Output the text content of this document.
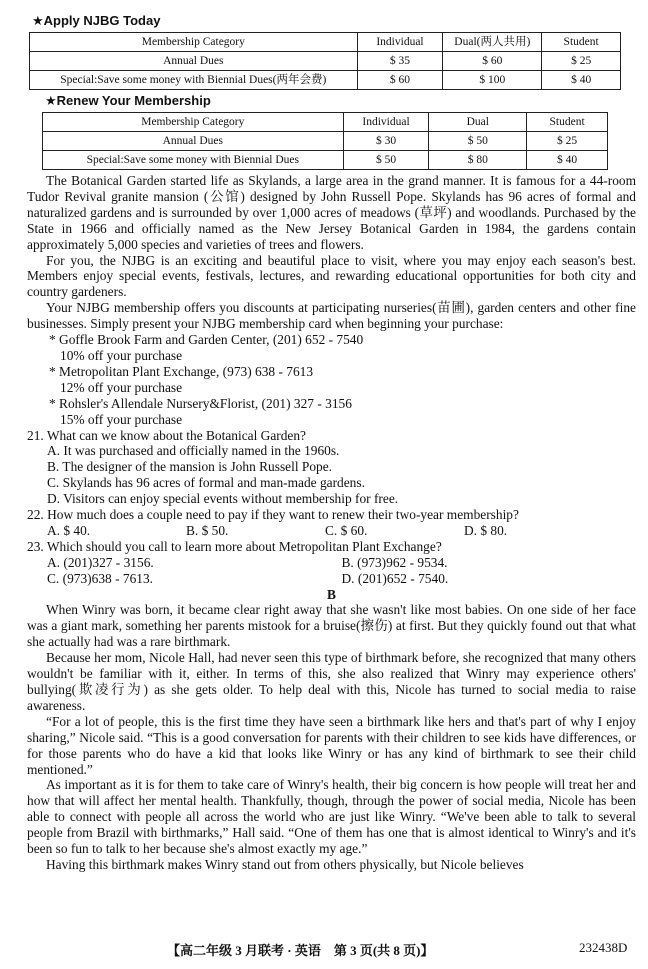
★Apply NJBG Today
Membership Category	Individual	Dual(两人共用)	Student
Annual Dues	$ 35	$ 60	$ 25
Special:Save some money with Biennial Dues(两年会费)	$ 60	$ 100	$ 40
★Renew Your Membership
Membership Category	Individual	Dual	Student
Annual Dues	$ 30	$ 50	$ 25
Special:Save some money with Biennial Dues	$ 50	$ 80	$ 40

The Botanical Garden started life as Skylands, a large area in the grand manner. It is famous for a 44-room Tudor Revival granite mansion (公馆) designed by John Russell Pope. Skylands has 96 acres of formal and naturalized gardens and is surrounded by over 1,000 acres of meadows (草坪) and woodlands. Purchased by the State in 1966 and officially named as the New Jersey Botanical Garden in 1984, the gardens contain approximately 5,000 species and varieties of trees and flowers.

For you, the NJBG is an exciting and beautiful place to visit, where you may enjoy each season's best. Members enjoy special events, festivals, lectures, and rewarding educational opportunities for both city and country gardeners.

Your NJBG membership offers you discounts at participating nurseries(苗圃), garden centers and other fine businesses. Simply present your NJBG membership card when beginning your purchase:

* Goffle Brook Farm and Garden Center, (201) 652 - 7540

10% off your purchase

* Metropolitan Plant Exchange, (973) 638 - 7613

12% off your purchase

* Rohsler's Allendale Nursery&Florist, (201) 327 - 3156

15% off your purchase

21. What can we know about the Botanical Garden?

A. It was purchased and officially named in the 1960s.

B. The designer of the mansion is John Russell Pope.

C. Skylands has 96 acres of formal and man-made gardens.

D. Visitors can enjoy special events without membership for free.

22. How much does a couple need to pay if they want to renew their two-year membership?

A. $ 40.	B. $ 50.	C. $ 60.	D. $ 80.

23. Which should you call to learn more about Metropolitan Plant Exchange?

A. (201)327 - 3156.	B. (973)962 - 9534.
C. (973)638 - 7613.	D. (201)652 - 7540.

B

When Winry was born, it became clear right away that she wasn't like most babies. On one side of her face was a giant mark, something her parents mistook for a bruise(擦伤) at first. But they quickly found out that what she actually had was a rare birthmark.

Because her mom, Nicole Hall, had never seen this type of birthmark before, she recognized that many others wouldn't be familiar with it, either. In terms of this, she also realized that Winry may experience others' bullying(欺凌行为) as she gets older. To help deal with this, Nicole has turned to social media to raise awareness.

“For a lot of people, this is the first time they have seen a birthmark like hers and that's part of why I enjoy sharing,” Nicole said. “This is a good conversation for parents with their children to see kids have differences, or for those parents who do have a kid that looks like Winry or has any kind of birthmark to see their child mentioned.”

As important as it is for them to take care of Winry's health, their big concern is how people will treat her and how that will affect her mental health. Thankfully, though, through the power of social media, Nicole has been able to connect with people all across the world who are just like Winry. “We've been able to talk to several people from Brazil with birthmarks,” Hall said. “One of them has one that is almost identical to Winry's and it's been so fun to talk to her because she's almost exactly my age.”

Having this birthmark makes Winry stand out from others physically, but Nicole believes

【高二年级 3 月联考 · 英语　第 3 页(共 8 页)】	232438D
